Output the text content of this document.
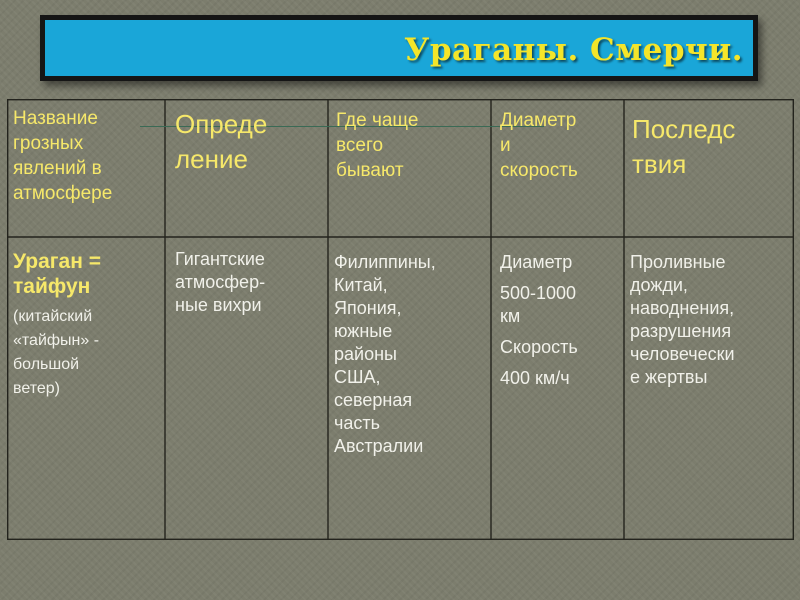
Ураганы. Смерчи.
Название
грозных
явлений в
атмосфере
Опреде
ление
Где чаще
всего
бывают
Диаметр
и
скорость
Последс
твия
Ураган = тайфун
(китайский
«тайфын» -
большой
ветер)
Гигантские
атмосфер-
ные вихри
Филиппины,
Китай,
Япония,
южные
районы
США,
северная
часть
Австралии
Диаметр
500-1000
км
Скорость
400 км/ч
Проливные
дожди,
наводнения,
разрушения
человечески
е жертвы
